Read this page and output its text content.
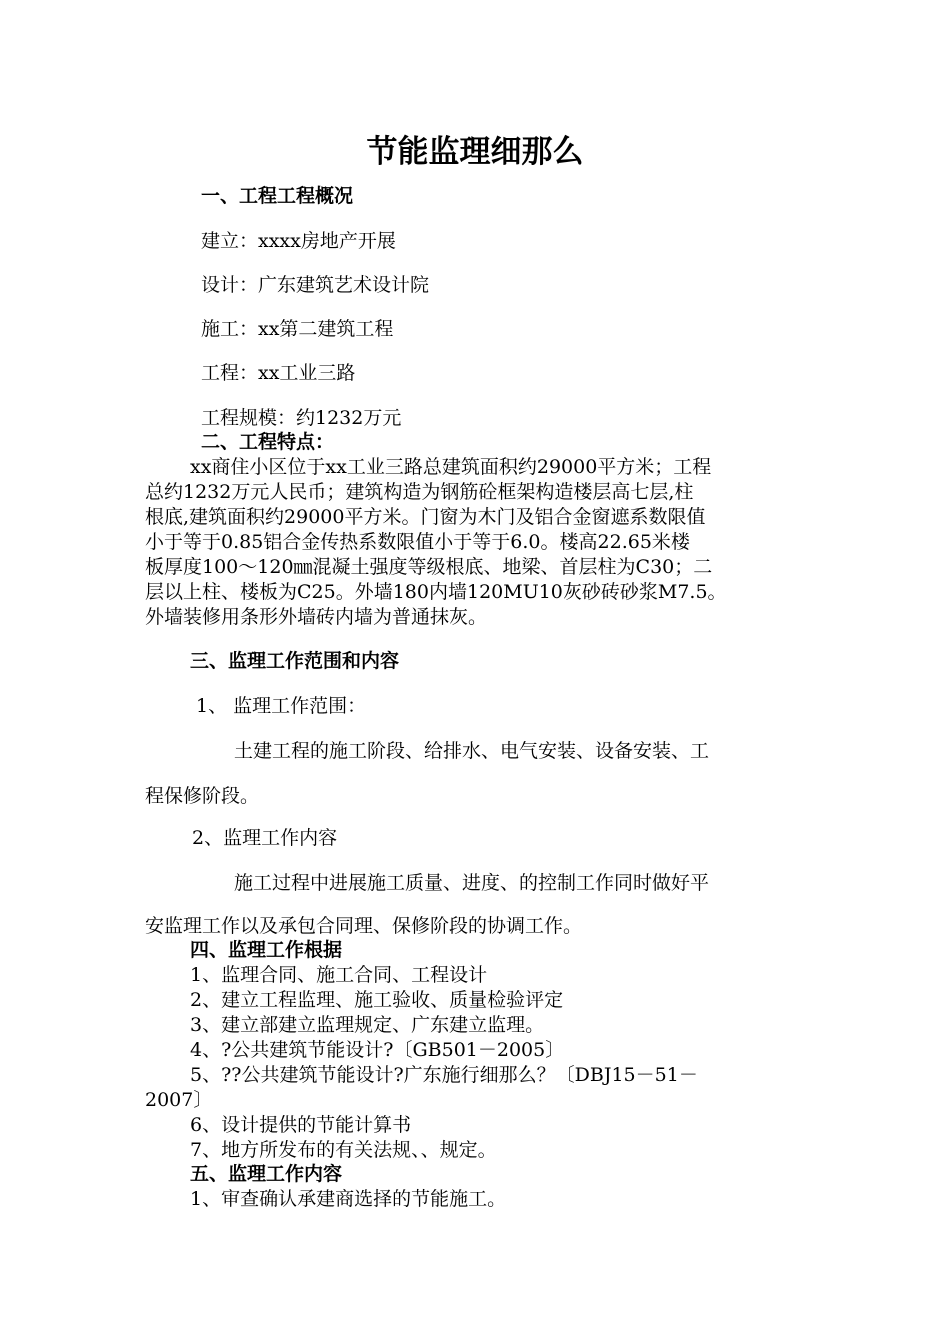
节能监理细那么
一、工程工程概况
建立：xxxx房地产开展
设计：广东建筑艺术设计院
施工：xx第二建筑工程
工程：xx工业三路
工程规模：约1232万元
二、工程特点：
xx商住小区位于xx工业三路总建筑面积约29000平方米；工程
总约1232万元人民币；建筑构造为钢筋砼框架构造楼层高七层,柱
根底,建筑面积约29000平方米。门窗为木门及铝合金窗遮系数限值
小于等于0.85铝合金传热系数限值小于等于6.0。楼高22.65米楼
板厚度100～120㎜混凝土强度等级根底、地梁、首层柱为C30；二
层以上柱、楼板为C25。外墙180内墙120MU10灰砂砖砂浆M7.5。
外墙装修用条形外墙砖内墙为普通抹灰。
三、监理工作范围和内容
1、 监理工作范围：
土建工程的施工阶段、给排水、电气安装、设备安装、工
程保修阶段。
2、监理工作内容
施工过程中进展施工质量、进度、的控制工作同时做好平
安监理工作以及承包合同理、保修阶段的协调工作。
四、监理工作根据
1、监理合同、施工合同、工程设计
2、建立工程监理、施工验收、质量检验评定
3、建立部建立监理规定、广东建立监理。
4、?公共建筑节能设计?〔GB501－2005〕
5、??公共建筑节能设计?广东施行细那么？〔DBJ15－51－
2007〕
6、设计提供的节能计算书
7、地方所发布的有关法规、、规定。
五、监理工作内容
1、审查确认承建商选择的节能施工。
